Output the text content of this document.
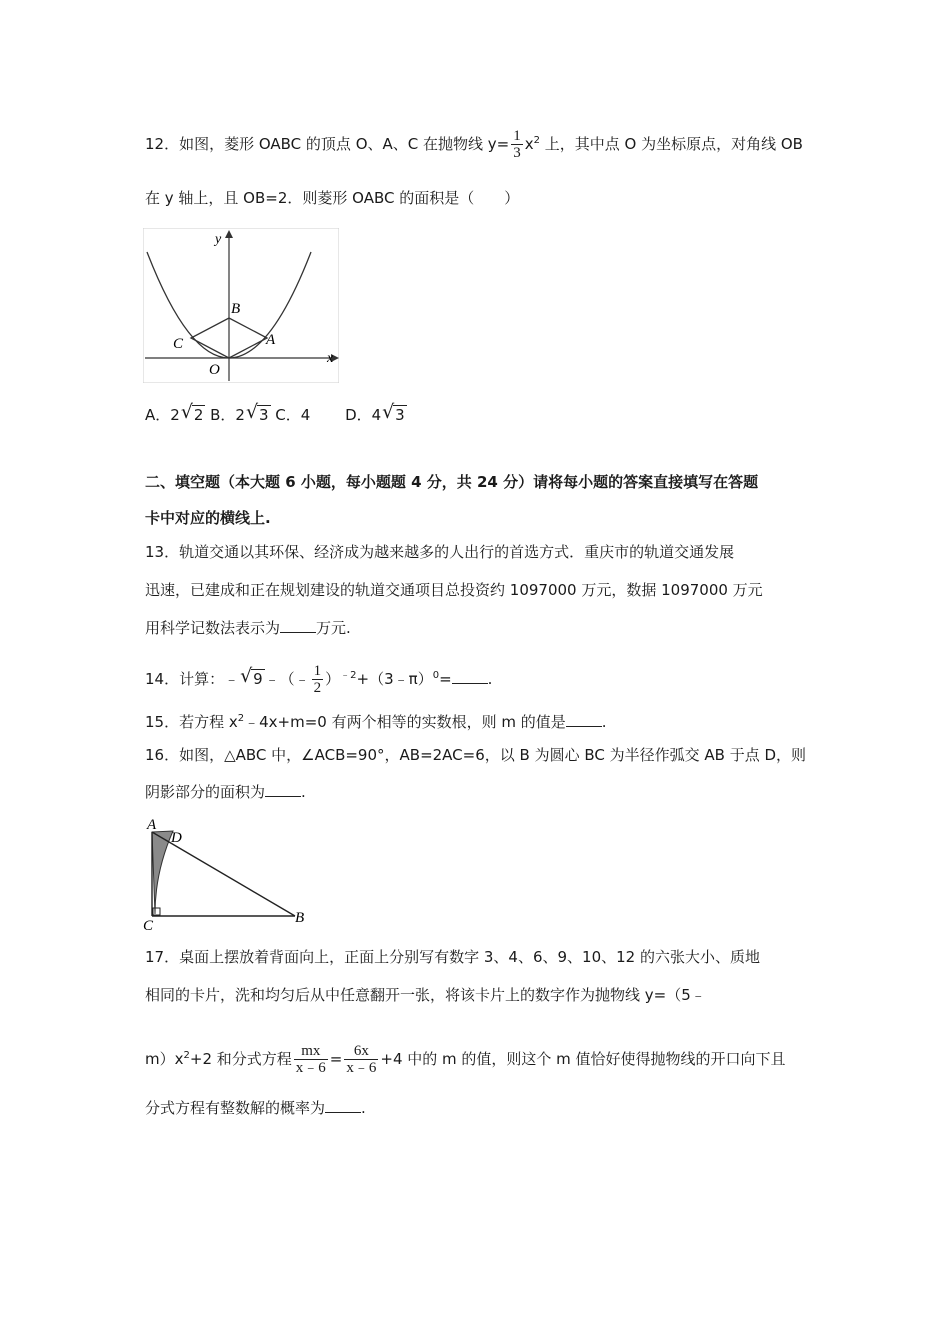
12．如图，菱形 OABC 的顶点 O、A、C 在抛物线 $y= \frac{1}{3} x^2$ 上，其中点 O 为坐标原点，对角线 OB
在 y 轴上，且 OB=2．则菱形 OABC 的面积是（　　）
y
x
B
C	A
O
A．2 √ 2 B．2 √ 3 C．4　　 D．4 √ 3
二、填空题（本大题 6 小题，每小题题 4 分，共 24 分）请将每小题的答案直接填写在答题
卡中对应的横线上.
13．轨道交通以其环保、经济成为越来越多的人出行的首选方式．重庆市的轨道交通发展
迅速，已建成和正在规划建设的轨道交通项目总投资约 1097000 万元，数据 1097000 万元
用科学记数法表示为 万元.
14．计算：﹣ √ 9 ﹣（﹣ $\frac{1}{2}$ ）$^{﹣2}$+（3﹣π）$^0$= .
15．若方程 $x^2﹣4x+m=0$ 有两个相等的实数根，则 m 的值是 .
16．如图，△ABC 中，∠ACB=90°，AB=2AC=6，以 B 为圆心 BC 为半径作弧交 AB 于点 D，则
阴影部分的面积为 .
A
D
C	B
17．桌面上摆放着背面向上，正面上分别写有数字 3、4、6、9、10、12 的六张大小、质地
相同的卡片，洗和均匀后从中任意翻开一张，将该卡片上的数字作为抛物线 y=（5﹣
$m)x^2+2$ 和分式方程 $\frac{mx}{x﹣6} = \frac{6x}{x﹣6} +4$ 中的 m 的值，则这个 m 值恰好使得抛物线的开口向下且
分式方程有整数解的概率为 .
